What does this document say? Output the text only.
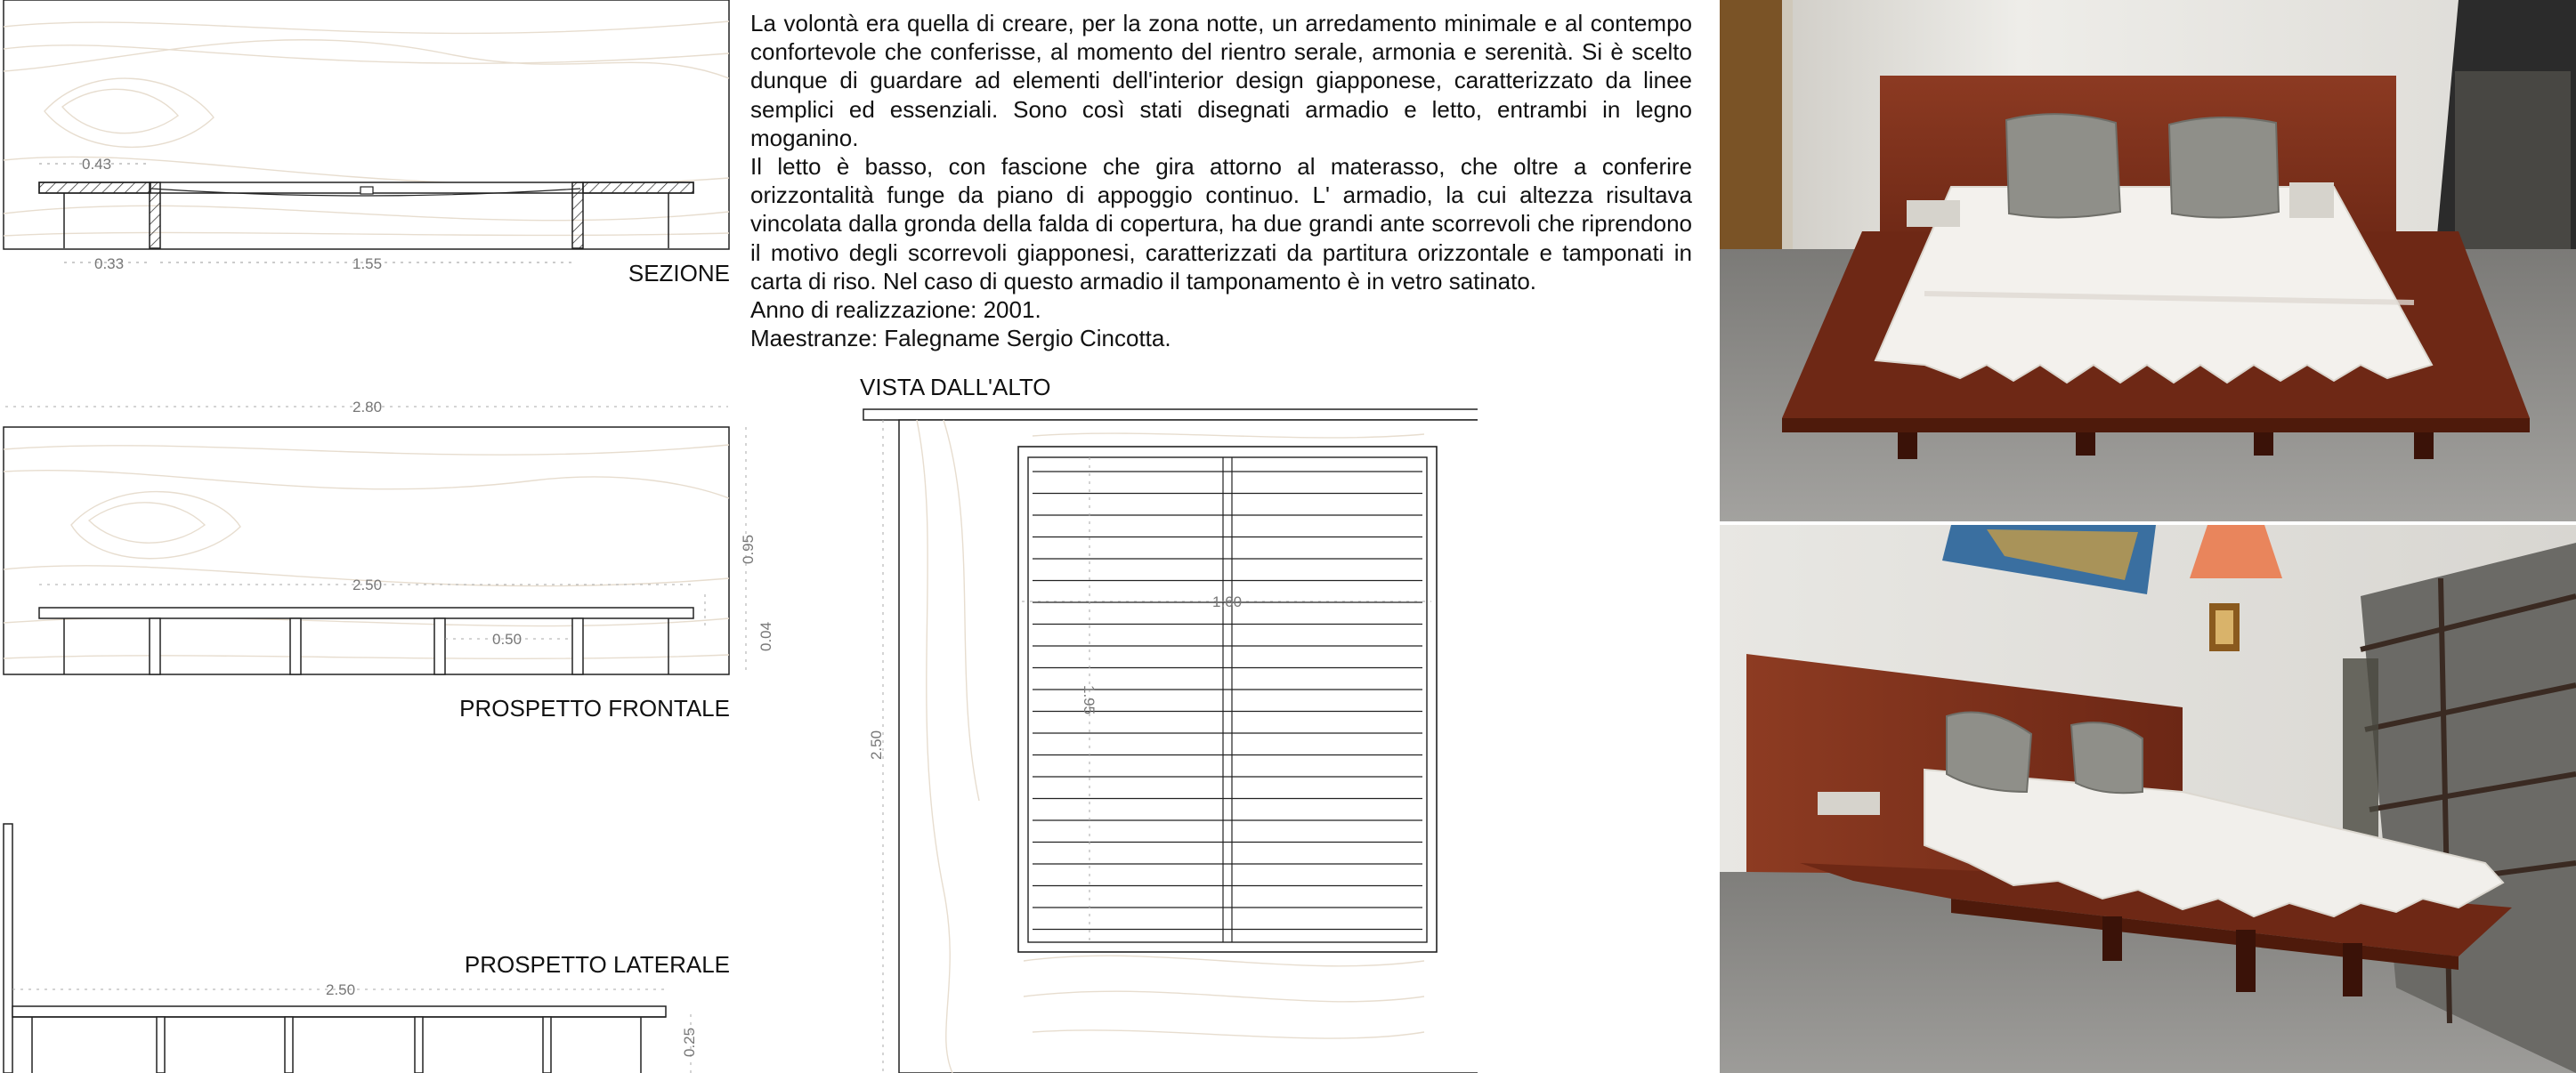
0.43
0.33	1.55	SEZIONE
2.80
2.50
0.50
0.95
0.04
PROSPETTO FRONTALE
PROSPETTO LATERALE
2.50
0.25
VISTA DALL'ALTO
2.50
1.60
1.95

La volontà era quella di creare, per la zona notte, un arredamento minimale e al contempo confortevole che conferisse, al momento del rientro serale, armonia e serenità. Si è scelto dunque di guardare ad elementi dell'interior design giapponese, caratterizzato da linee semplici ed essenziali. Sono così stati disegnati armadio e letto, entrambi in legno moganino.

Il letto è basso, con fascione che gira attorno al materasso, che oltre a conferire orizzontalità funge da piano di appoggio continuo. L' armadio, la cui altezza risultava vincolata dalla gronda della falda di copertura, ha due grandi ante scorrevoli che riprendono il motivo degli scorrevoli giapponesi, caratterizzati da partitura orizzontale e tamponati in carta di riso. Nel caso di questo armadio il tamponamento è in vetro satinato.

Anno di realizzazione: 2001.

Maestranze: Falegname Sergio Cincotta.
